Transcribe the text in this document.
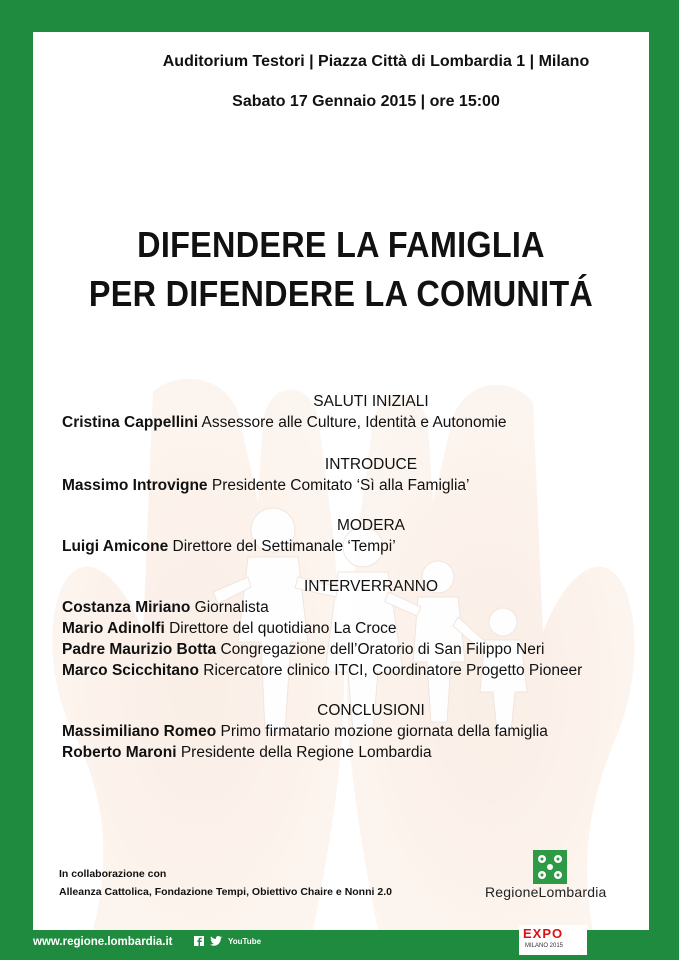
Auditorium Testori | Piazza Città di Lombardia 1 | Milano
Sabato 17 Gennaio 2015 | ore 15:00
DIFENDERE LA FAMIGLIA
PER DIFENDERE LA COMUNITÁ
SALUTI INIZIALI
Cristina Cappellini Assessore alle Culture, Identità e Autonomie
INTRODUCE
Massimo Introvigne Presidente Comitato ‘Sì alla Famiglia’
MODERA
Luigi Amicone Direttore del Settimanale ‘Tempi’
INTERVERRANNO
Costanza Miriano Giornalista
Mario Adinolfi Direttore del quotidiano La Croce
Padre Maurizio Botta Congregazione dell’Oratorio di San Filippo Neri
Marco Scicchitano Ricercatore clinico ITCI, Coordinatore Progetto Pioneer
CONCLUSIONI
Massimiliano Romeo Primo firmatario mozione giornata della famiglia
Roberto Maroni Presidente della Regione Lombardia
In collaborazione con
Alleanza Cattolica, Fondazione Tempi, Obiettivo Chaire e Nonni 2.0	RegioneLombardia
www.regione.lombardia.it	YouTube
EXPO
MILANO 2015
